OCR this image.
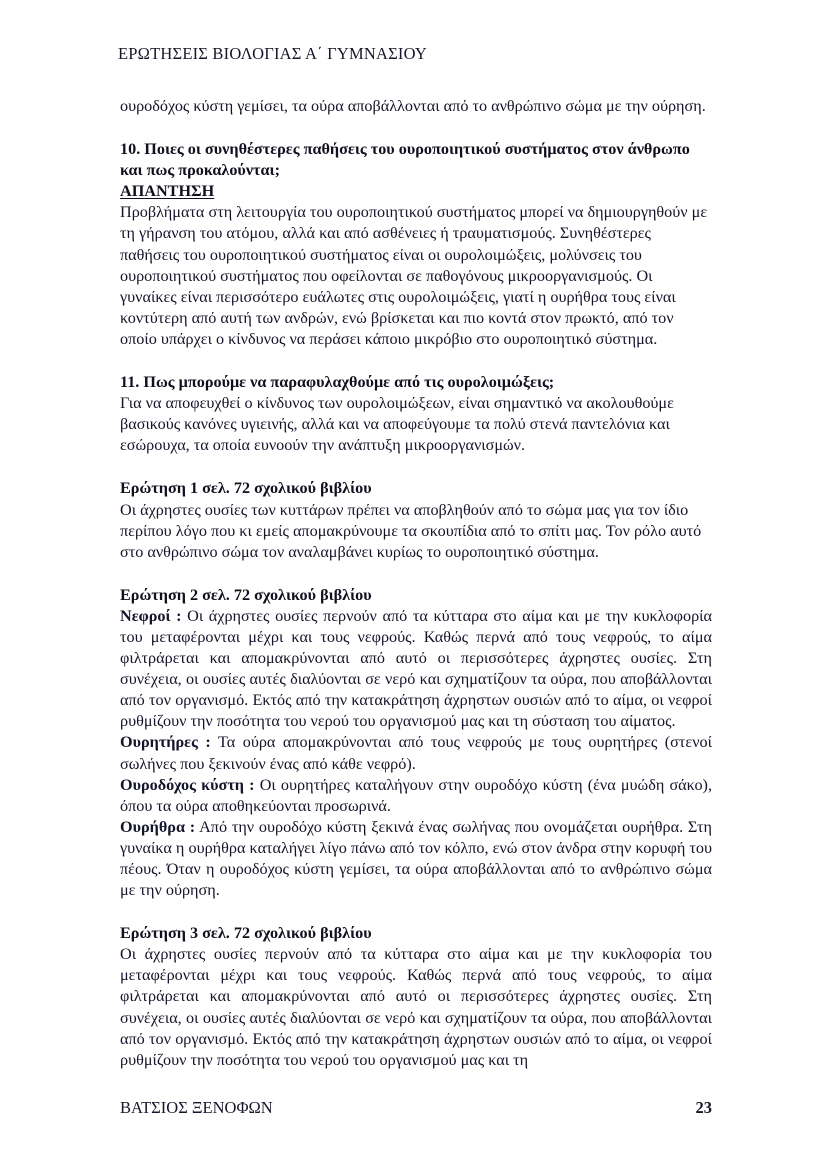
ΕΡΩΤΗΣΕΙΣ ΒΙΟΛΟΓΙΑΣ Α΄ ΓΥΜΝΑΣΙΟΥ

ουροδόχος κύστη γεμίσει, τα ούρα αποβάλλονται από το ανθρώπινο σώμα με την ούρηση.

10. Ποιες οι συνηθέστερες παθήσεις του ουροποιητικού συστήματος στον άνθρωπο και πως προκαλούνται;

ΑΠΑΝΤΗΣΗ

Προβλήματα στη λειτουργία του ουροποιητικού συστήματος μπορεί να δημιουργηθούν με τη γήρανση του ατόμου, αλλά και από ασθένειες ή τραυματισμούς. Συνηθέστερες παθήσεις του ουροποιητικού συστήματος είναι οι ουρολοιμώξεις, μολύνσεις του ουροποιητικού συστήματος που οφείλονται σε παθογόνους μικροοργανισμούς. Οι γυναίκες είναι περισσότερο ευάλωτες στις ουρολοιμώξεις, γιατί η ουρήθρα τους είναι κοντύτερη από αυτή των ανδρών, ενώ βρίσκεται και πιο κοντά στον πρωκτό, από τον οποίο υπάρχει ο κίνδυνος να περάσει κάποιο μικρόβιο στο ουροποιητικό σύστημα.

11. Πως μπορούμε να παραφυλαχθούμε από τις ουρολοιμώξεις;

Για να αποφευχθεί ο κίνδυνος των ουρολοιμώξεων, είναι σημαντικό να ακολουθούμε βασικούς κανόνες υγιεινής, αλλά και να αποφεύγουμε τα πολύ στενά παντελόνια και εσώρουχα, τα οποία ευνοούν την ανάπτυξη μικροοργανισμών.

Ερώτηση 1 σελ. 72 σχολικού βιβλίου

Οι άχρηστες ουσίες των κυττάρων πρέπει να αποβληθούν από το σώμα μας για τον ίδιο περίπου λόγο που κι εμείς απομακρύνουμε τα σκουπίδια από το σπίτι μας. Τον ρόλο αυτό στο ανθρώπινο σώμα τον αναλαμβάνει κυρίως το ουροποιητικό σύστημα.

Ερώτηση 2 σελ. 72 σχολικού βιβλίου

Νεφροί : Οι άχρηστες ουσίες περνούν από τα κύτταρα στο αίμα και με την κυκλοφορία του μεταφέρονται μέχρι και τους νεφρούς. Καθώς περνά από τους νεφρούς, το αίμα φιλτράρεται και απομακρύνονται από αυτό οι περισσότερες άχρηστες ουσίες. Στη συνέχεια, οι ουσίες αυτές διαλύονται σε νερό και σχηματίζουν τα ούρα, που αποβάλλονται από τον οργανισμό. Εκτός από την κατακράτηση άχρηστων ουσιών από το αίμα, οι νεφροί ρυθμίζουν την ποσότητα του νερού του οργανισμού μας και τη σύσταση του αίματος.

Ουρητήρες : Τα ούρα απομακρύνονται από τους νεφρούς με τους ουρητήρες (στενοί σωλήνες που ξεκινούν ένας από κάθε νεφρό).

Ουροδόχος κύστη : Οι ουρητήρες καταλήγουν στην ουροδόχο κύστη (ένα μυώδη σάκο), όπου τα ούρα αποθηκεύονται προσωρινά.

Ουρήθρα : Από την ουροδόχο κύστη ξεκινά ένας σωλήνας που ονομάζεται ουρήθρα. Στη γυναίκα η ουρήθρα καταλήγει λίγο πάνω από τον κόλπο, ενώ στον άνδρα στην κορυφή του πέους. Όταν η ουροδόχος κύστη γεμίσει, τα ούρα αποβάλλονται από το ανθρώπινο σώμα με την ούρηση.

Ερώτηση 3 σελ. 72 σχολικού βιβλίου

Οι άχρηστες ουσίες περνούν από τα κύτταρα στο αίμα και με την κυκλοφορία του μεταφέρονται μέχρι και τους νεφρούς. Καθώς περνά από τους νεφρούς, το αίμα φιλτράρεται και απομακρύνονται από αυτό οι περισσότερες άχρηστες ουσίες. Στη συνέχεια, οι ουσίες αυτές διαλύονται σε νερό και σχηματίζουν τα ούρα, που αποβάλλονται από τον οργανισμό. Εκτός από την κατακράτηση άχρηστων ουσιών από το αίμα, οι νεφροί ρυθμίζουν την ποσότητα του νερού του οργανισμού μας και τη

ΒΑΤΣΙΟΣ ΞΕΝΟΦΩΝ	23
